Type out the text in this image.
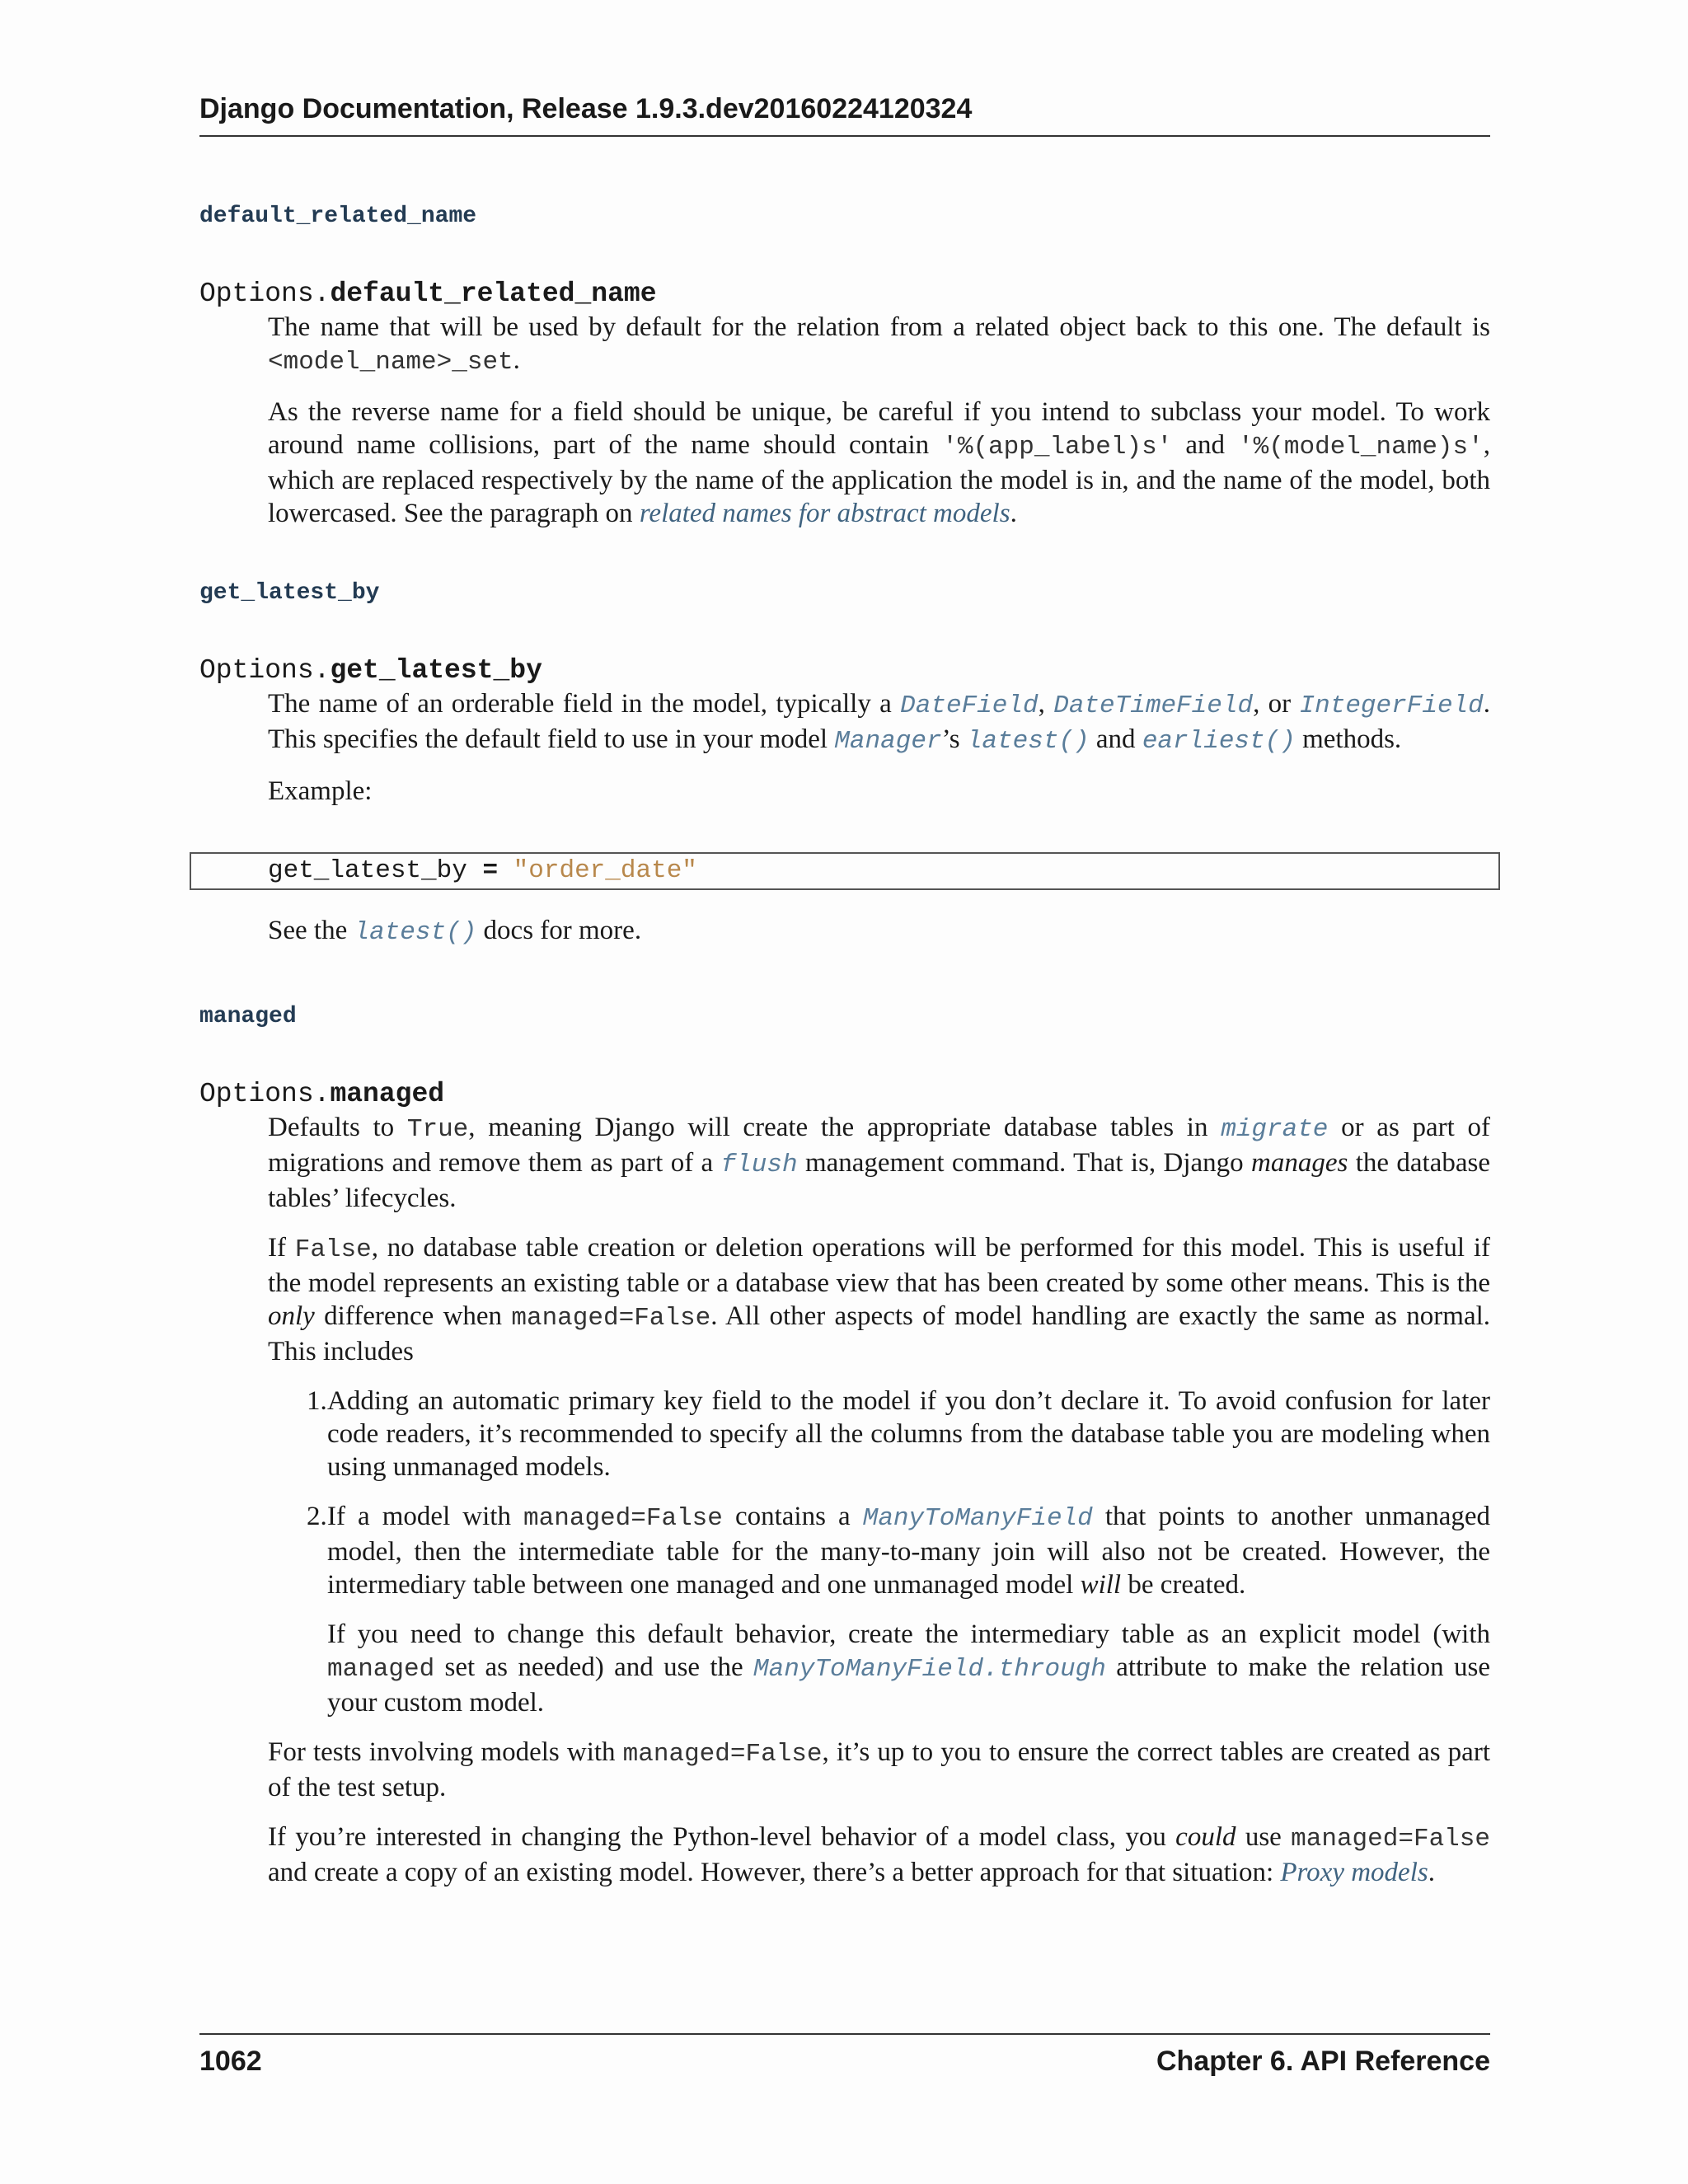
Django Documentation, Release 1.9.3.dev20160224120324
default_related_name
Options.default_related_name

The name that will be used by default for the relation from a related object back to this one. The default is <model_name>_set.

As the reverse name for a field should be unique, be careful if you intend to subclass your model. To work around name collisions, part of the name should contain '%(app_label)s' and '%(model_name)s', which are replaced respectively by the name of the application the model is in, and the name of the model, both lowercased. See the paragraph on related names for abstract models.

get_latest_by
Options.get_latest_by

The name of an orderable field in the model, typically a DateField, DateTimeField, or IntegerField. This specifies the default field to use in your model Manager’s latest() and earliest() methods.

Example:

get_latest_by = "order_date"

See the latest() docs for more.

managed
Options.managed

Defaults to True, meaning Django will create the appropriate database tables in migrate or as part of migrations and remove them as part of a flush management command. That is, Django manages the database tables’ lifecycles.

If False, no database table creation or deletion operations will be performed for this model. This is useful if the model represents an existing table or a database view that has been created by some other means. This is the only difference when managed=False. All other aspects of model handling are exactly the same as normal. This includes

1. Adding an automatic primary key field to the model if you don’t declare it. To avoid confusion for later code readers, it’s recommended to specify all the columns from the database table you are modeling when using unmanaged models.

2. If a model with managed=False contains a ManyToManyField that points to another unmanaged model, then the intermediate table for the many-to-many join will also not be created. However, the intermediary table between one managed and one unmanaged model will be created.

If you need to change this default behavior, create the intermediary table as an explicit model (with managed set as needed) and use the ManyToManyField.through attribute to make the relation use your custom model.

For tests involving models with managed=False, it’s up to you to ensure the correct tables are created as part of the test setup.

If you’re interested in changing the Python-level behavior of a model class, you could use managed=False and create a copy of an existing model. However, there’s a better approach for that situation: Proxy models.

1062	Chapter 6. API Reference
